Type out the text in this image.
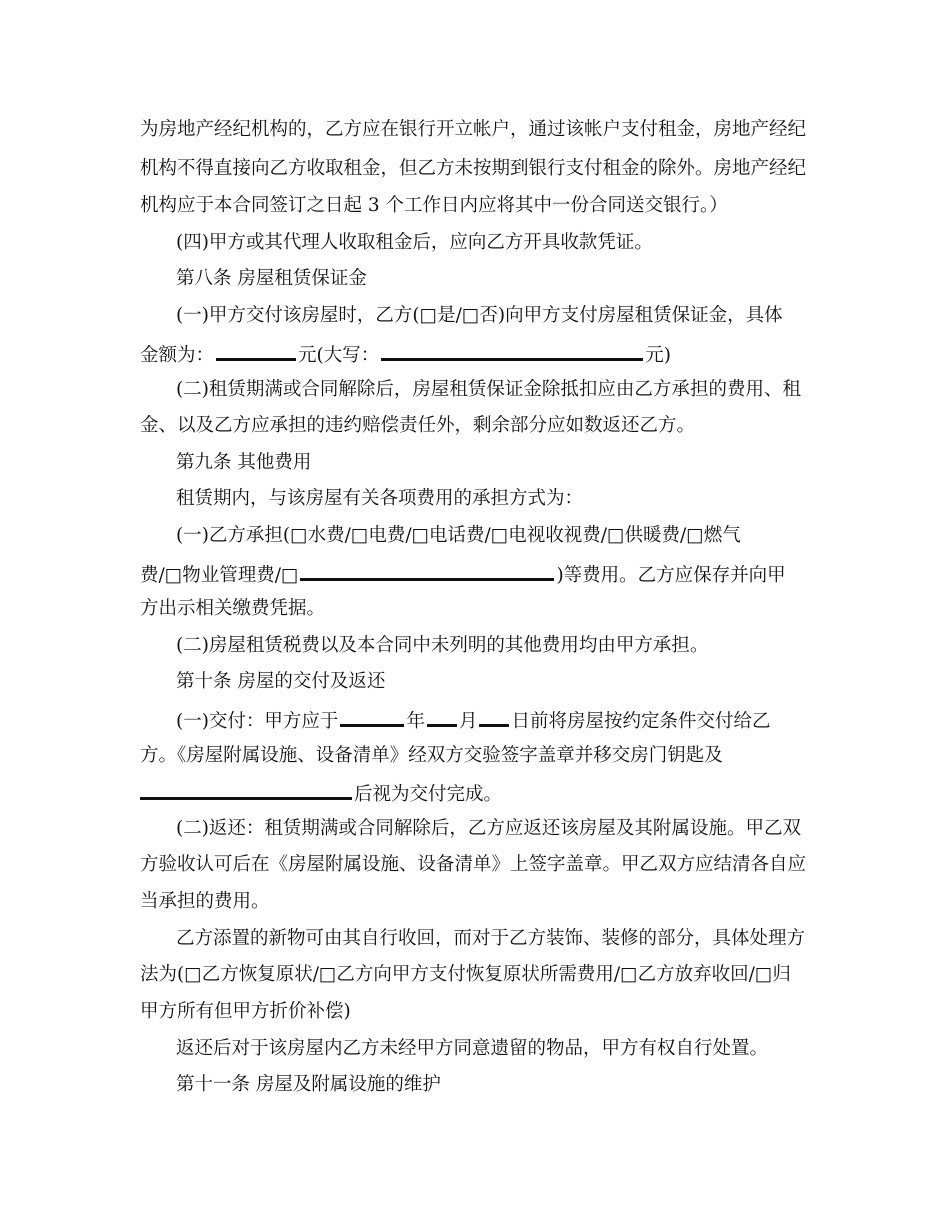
为房地产经纪机构的，乙方应在银行开立帐户，通过该帐户支付租金，房地产经纪
机构不得直接向乙方收取租金，但乙方未按期到银行支付租金的除外。房地产经纪
机构应于本合同签订之日起 3 个工作日内应将其中一份合同送交银行。）
(四)甲方或其代理人收取租金后，应向乙方开具收款凭证。
第八条 房屋租赁保证金
(一)甲方交付该房屋时，乙方(□是/□否)向甲方支付房屋租赁保证金，具体
金额为：	元(大写：	元)
(二)租赁期满或合同解除后，房屋租赁保证金除抵扣应由乙方承担的费用、租
金、以及乙方应承担的违约赔偿责任外，剩余部分应如数返还乙方。
第九条 其他费用
租赁期内，与该房屋有关各项费用的承担方式为：
(一)乙方承担(□水费/□电费/□电话费/□电视收视费/□供暖费/□燃气
费/□物业管理费/□	)等费用。乙方应保存并向甲
方出示相关缴费凭据。
(二)房屋租赁税费以及本合同中未列明的其他费用均由甲方承担。
第十条 房屋的交付及返还
(一)交付：甲方应于	年 月 日前将房屋按约定条件交付给乙
方。《房屋附属设施、设备清单》经双方交验签字盖章并移交房门钥匙及
后视为交付完成。
(二)返还：租赁期满或合同解除后，乙方应返还该房屋及其附属设施。甲乙双
方验收认可后在《房屋附属设施、设备清单》上签字盖章。甲乙双方应结清各自应
当承担的费用。
乙方添置的新物可由其自行收回，而对于乙方装饰、装修的部分，具体处理方
法为(□乙方恢复原状/□乙方向甲方支付恢复原状所需费用/□乙方放弃收回/□归
甲方所有但甲方折价补偿)
返还后对于该房屋内乙方未经甲方同意遗留的物品，甲方有权自行处置。
第十一条 房屋及附属设施的维护
